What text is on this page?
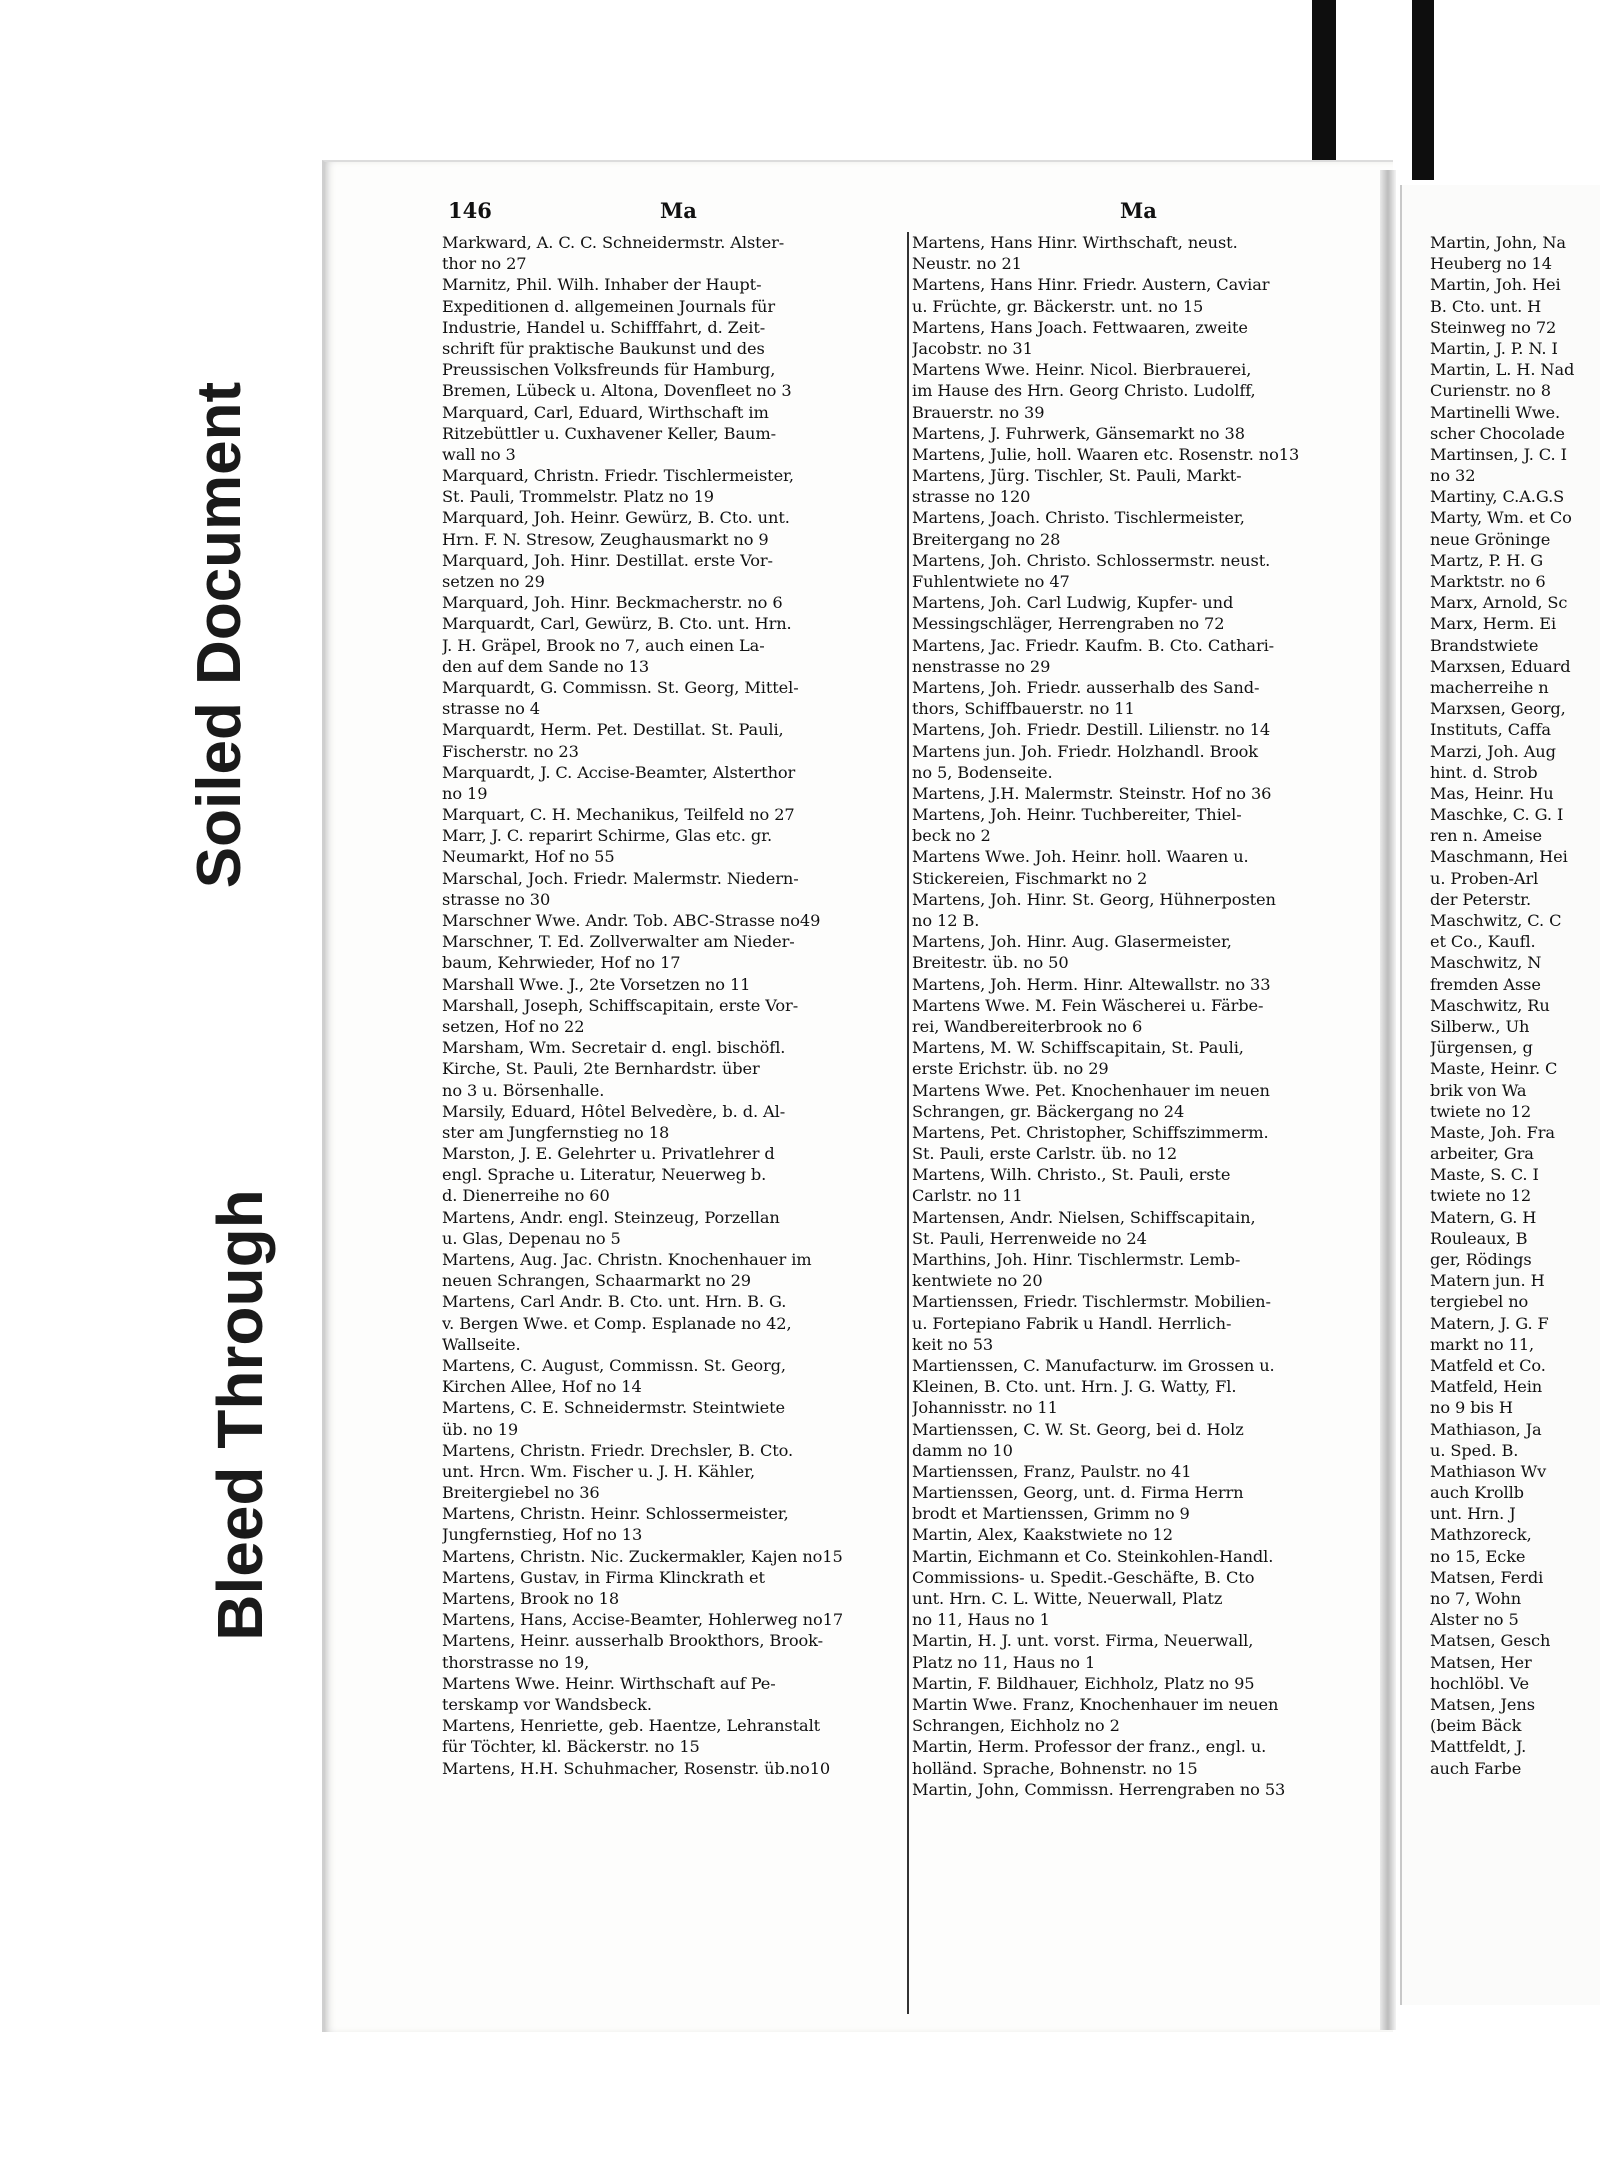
Soiled Document
Bleed Through
146	Ma	Ma
Markward, A. C. C. Schneidermstr. Alster-
thor no 27
Marnitz, Phil. Wilh. Inhaber der Haupt-
Expeditionen d. allgemeinen Journals für
Industrie, Handel u. Schifffahrt, d. Zeit-
schrift für praktische Baukunst und des
Preussischen Volksfreunds für Hamburg,
Bremen, Lübeck u. Altona, Dovenfleet no 3
Marquard, Carl, Eduard, Wirthschaft im
Ritzebüttler u. Cuxhavener Keller, Baum-
wall no 3
Marquard, Christn. Friedr. Tischlermeister,
St. Pauli, Trommelstr. Platz no 19
Marquard, Joh. Heinr. Gewürz, B. Cto. unt.
Hrn. F. N. Stresow, Zeughausmarkt no 9
Marquard, Joh. Hinr. Destillat. erste Vor-
setzen no 29
Marquard, Joh. Hinr. Beckmacherstr. no 6
Marquardt, Carl, Gewürz, B. Cto. unt. Hrn.
J. H. Gräpel, Brook no 7, auch einen La-
den auf dem Sande no 13
Marquardt, G. Commissn. St. Georg, Mittel-
strasse no 4
Marquardt, Herm. Pet. Destillat. St. Pauli,
Fischerstr. no 23
Marquardt, J. C. Accise-Beamter, Alsterthor
no 19
Marquart, C. H. Mechanikus, Teilfeld no 27
Marr, J. C. reparirt Schirme, Glas etc. gr.
Neumarkt, Hof no 55
Marschal, Joch. Friedr. Malermstr. Niedern-
strasse no 30
Marschner Wwe. Andr. Tob. ABC-Strasse no49
Marschner, T. Ed. Zollverwalter am Nieder-
baum, Kehrwieder, Hof no 17
Marshall Wwe. J., 2te Vorsetzen no 11
Marshall, Joseph, Schiffscapitain, erste Vor-
setzen, Hof no 22
Marsham, Wm. Secretair d. engl. bischöfl.
Kirche, St. Pauli, 2te Bernhardstr. über
no 3 u. Börsenhalle.
Marsily, Eduard, Hôtel Belvedère, b. d. Al-
ster am Jungfernstieg no 18
Marston, J. E. Gelehrter u. Privatlehrer d
engl. Sprache u. Literatur, Neuerweg b.
d. Dienerreihe no 60
Martens, Andr. engl. Steinzeug, Porzellan
u. Glas, Depenau no 5
Martens, Aug. Jac. Christn. Knochenhauer im
neuen Schrangen, Schaarmarkt no 29
Martens, Carl Andr. B. Cto. unt. Hrn. B. G.
v. Bergen Wwe. et Comp. Esplanade no 42,
Wallseite.
Martens, C. August, Commissn. St. Georg,
Kirchen Allee, Hof no 14
Martens, C. E. Schneidermstr. Steintwiete
üb. no 19
Martens, Christn. Friedr. Drechsler, B. Cto.
unt. Hrcn. Wm. Fischer u. J. H. Kähler,
Breitergiebel no 36
Martens, Christn. Heinr. Schlossermeister,
Jungfernstieg, Hof no 13
Martens, Christn. Nic. Zuckermakler, Kajen no15
Martens, Gustav, in Firma Klinckrath et
Martens, Brook no 18
Martens, Hans, Accise-Beamter, Hohlerweg no17
Martens, Heinr. ausserhalb Brookthors, Brook-
thorstrasse no 19,
Martens Wwe. Heinr. Wirthschaft auf Pe-
terskamp vor Wandsbeck.
Martens, Henriette, geb. Haentze, Lehranstalt
für Töchter, kl. Bäckerstr. no 15
Martens, H.H. Schuhmacher, Rosenstr. üb.no10
Martens, Hans Hinr. Wirthschaft, neust.
Neustr. no 21
Martens, Hans Hinr. Friedr. Austern, Caviar
u. Früchte, gr. Bäckerstr. unt. no 15
Martens, Hans Joach. Fettwaaren, zweite
Jacobstr. no 31
Martens Wwe. Heinr. Nicol. Bierbrauerei,
im Hause des Hrn. Georg Christo. Ludolff,
Brauerstr. no 39
Martens, J. Fuhrwerk, Gänsemarkt no 38
Martens, Julie, holl. Waaren etc. Rosenstr. no13
Martens, Jürg. Tischler, St. Pauli, Markt-
strasse no 120
Martens, Joach. Christo. Tischlermeister,
Breitergang no 28
Martens, Joh. Christo. Schlossermstr. neust.
Fuhlentwiete no 47
Martens, Joh. Carl Ludwig, Kupfer- und
Messingschläger, Herrengraben no 72
Martens, Jac. Friedr. Kaufm. B. Cto. Cathari-
nenstrasse no 29
Martens, Joh. Friedr. ausserhalb des Sand-
thors, Schiffbauerstr. no 11
Martens, Joh. Friedr. Destill. Lilienstr. no 14
Martens jun. Joh. Friedr. Holzhandl. Brook
no 5, Bodenseite.
Martens, J.H. Malermstr. Steinstr. Hof no 36
Martens, Joh. Heinr. Tuchbereiter, Thiel-
beck no 2
Martens Wwe. Joh. Heinr. holl. Waaren u.
Stickereien, Fischmarkt no 2
Martens, Joh. Hinr. St. Georg, Hühnerposten
no 12 B.
Martens, Joh. Hinr. Aug. Glasermeister,
Breitestr. üb. no 50
Martens, Joh. Herm. Hinr. Altewallstr. no 33
Martens Wwe. M. Fein Wäscherei u. Färbe-
rei, Wandbereiterbrook no 6
Martens, M. W. Schiffscapitain, St. Pauli,
erste Erichstr. üb. no 29
Martens Wwe. Pet. Knochenhauer im neuen
Schrangen, gr. Bäckergang no 24
Martens, Pet. Christopher, Schiffszimmerm.
St. Pauli, erste Carlstr. üb. no 12
Martens, Wilh. Christo., St. Pauli, erste
Carlstr. no 11
Martensen, Andr. Nielsen, Schiffscapitain,
St. Pauli, Herrenweide no 24
Marthins, Joh. Hinr. Tischlermstr. Lemb-
kentwiete no 20
Martienssen, Friedr. Tischlermstr. Mobilien-
u. Fortepiano Fabrik u Handl. Herrlich-
keit no 53
Martienssen, C. Manufacturw. im Grossen u.
Kleinen, B. Cto. unt. Hrn. J. G. Watty, Fl.
Johannisstr. no 11
Martienssen, C. W. St. Georg, bei d. Holz
damm no 10
Martienssen, Franz, Paulstr. no 41
Martienssen, Georg, unt. d. Firma Herrn
brodt et Martienssen, Grimm no 9
Martin, Alex, Kaakstwiete no 12
Martin, Eichmann et Co. Steinkohlen-Handl.
Commissions- u. Spedit.-Geschäfte, B. Cto
unt. Hrn. C. L. Witte, Neuerwall, Platz
no 11, Haus no 1
Martin, H. J. unt. vorst. Firma, Neuerwall,
Platz no 11, Haus no 1
Martin, F. Bildhauer, Eichholz, Platz no 95
Martin Wwe. Franz, Knochenhauer im neuen
Schrangen, Eichholz no 2
Martin, Herm. Professor der franz., engl. u.
holländ. Sprache, Bohnenstr. no 15
Martin, John, Commissn. Herrengraben no 53
Martin, John, Na
Heuberg no 14
Martin, Joh. Hei
B. Cto. unt. H
Steinweg no 72
Martin, J. P. N. I
Martin, L. H. Nad
Curienstr. no 8
Martinelli Wwe.
scher Chocolade
Martinsen, J. C. I
no 32
Martiny, C.A.G.S
Marty, Wm. et Co
neue Gröninge
Martz, P. H. G
Marktstr. no 6
Marx, Arnold, Sc
Marx, Herm. Ei
Brandstwiete
Marxsen, Eduard
macherreihe n
Marxsen, Georg,
Instituts, Caffa
Marzi, Joh. Aug
hint. d. Strob
Mas, Heinr. Hu
Maschke, C. G. I
ren n. Ameise
Maschmann, Hei
u. Proben-Arl
der Peterstr.
Maschwitz, C. C
et Co., Kaufl.
Maschwitz, N
fremden Asse
Maschwitz, Ru
Silberw., Uh
Jürgensen, g
Maste, Heinr. C
brik von Wa
twiete no 12
Maste, Joh. Fra
arbeiter, Gra
Maste, S. C. I
twiete no 12
Matern, G. H
Rouleaux, B
ger, Rödings
Matern jun. H
tergiebel no
Matern, J. G. F
markt no 11,
Matfeld et Co.
Matfeld, Hein
no 9 bis H
Mathiason, Ja
u. Sped. B.
Mathiason Wv
auch Krollb
unt. Hrn. J
Mathzoreck,
no 15, Ecke
Matsen, Ferdi
no 7, Wohn
Alster no 5
Matsen, Gesch
Matsen, Her
hochlöbl. Ve
Matsen, Jens
(beim Bäck
Mattfeldt, J.
auch Farbe
